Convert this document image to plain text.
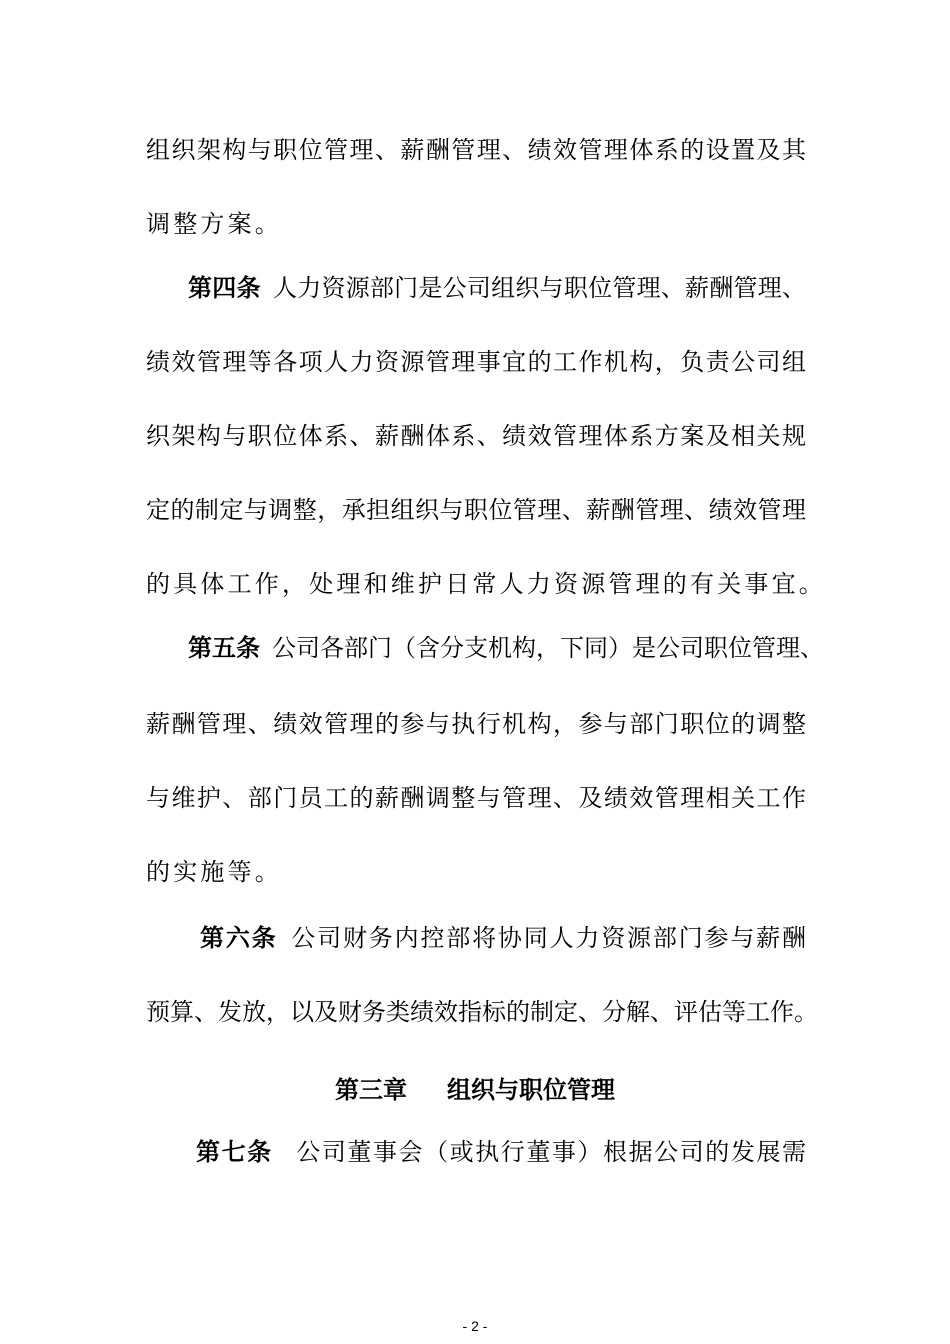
组织架构与职位管理、薪酬管理、绩效管理体系的设置及其
调整方案。
第四条 人力资源部门是公司组织与职位管理、薪酬管理、
绩效管理等各项人力资源管理事宜的工作机构，负责公司组
织架构与职位体系、薪酬体系、绩效管理体系方案及相关规
定的制定与调整，承担组织与职位管理、薪酬管理、绩效管理
的具体工作，处理和维护日常人力资源管理的有关事宜。
第五条 公司各部门（含分支机构，下同）是公司职位管理、
薪酬管理、绩效管理的参与执行机构，参与部门职位的调整
与维护、部门员工的薪酬调整与管理、及绩效管理相关工作
的实施等。
第六条 公司财务内控部将协同人力资源部门参与薪酬
预算、发放，以及财务类绩效指标的制定、分解、评估等工作。
第三章 组织与职位管理
第七条 公司董事会（或执行董事）根据公司的发展需
- 2 -
